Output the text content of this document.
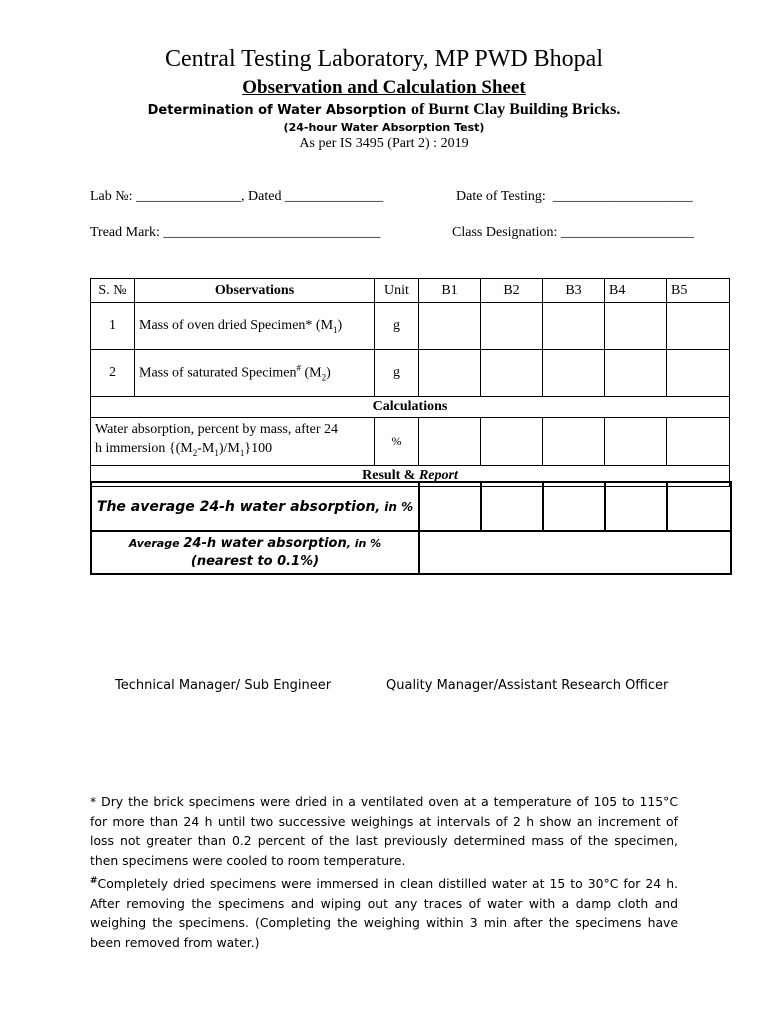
Central Testing Laboratory, MP PWD Bhopal
Observation and Calculation Sheet
Determination of Water Absorption of Burnt Clay Building Bricks.
(24-hour Water Absorption Test)
As per IS 3495 (Part 2) : 2019
Lab №: _______________, Dated ______________	Date of Testing:  ____________________
Tread Mark: _______________________________	Class Designation: ___________________
S. №	Observations	Unit	B1	B2	B3	B4	B5
1	Mass of oven dried Specimen* $(M_1)$	g					
2	Mass of saturated Specimen# $(M_2)$	g					
Calculations							
Water absorption, percent by mass, after 24
h immersion $\{(M_2-M_1)/M_1\}100$		%					
Result & Report							
The average 24-h water absorption, in %					
Average 24-h water absorption, in %
(nearest to 0.1%)					
Technical Manager/ Sub Engineer	Quality Manager/Assistant Research Officer
* Dry the brick specimens were dried in a ventilated oven at a temperature of 105 to 115°C for more than 24 h until two successive weighings at intervals of 2 h show an increment of loss not greater than 0.2 percent of the last previously determined mass of the specimen, then specimens were cooled to room temperature.
#Completely dried specimens were immersed in clean distilled water at 15 to 30°C for 24 h. After removing the specimens and wiping out any traces of water with a damp cloth and weighing the specimens. (Completing the weighing within 3 min after the specimens have been removed from water.)
